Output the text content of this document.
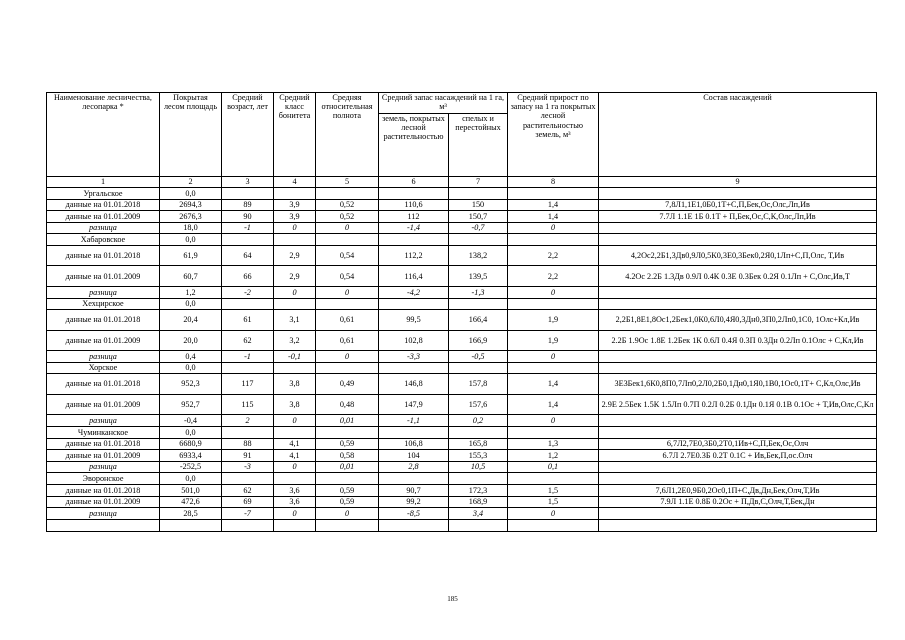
Наименование лесничества, лесопарка *	Покрытая лесом площадь	Средний возраст, лет	Средний класс бонитета	Средняя относительная полнота	Средний запас насаждений на 1 га, м³		Средний прирост по запасу на 1 га покрытых лесной растительностью земель, м³	Состав насаждений
					земель, покрытых лесной растительностью	спелых и перестойных		
1	2	3	4	5	6	7	8	9
Ургальское	0,0							
данные на 01.01.2018	2694,3	89	3,9	0,52	110,6	150	1,4	7,8Л1,1Е1,0Б0,1Т+С,П,Бек,Ос,Олс,Лп,Ив
данные на 01.01.2009	2676,3	90	3,9	0,52	112	150,7	1,4	7.7Л 1.1Е 1Б 0.1Т + П,Бек,Ос,С,К,Олс,Лп,Ив
разница	18,0	-1	0	0	-1,4	-0,7	0	
Хабаровское	0,0							
данные на 01.01.2018	61,9	64	2,9	0,54	112,2	138,2	2,2	4,2Ос2,2Б1,3Дв0,9Л0,5К0,3Е0,3Бек0,2Я0,1Лп+С,П,Олс, Т,Ив
данные на 01.01.2009	60,7	66	2,9	0,54	116,4	139,5	2,2	4.2Ос 2.2Б 1.3Дв 0.9Л 0.4К 0.3Е 0.3Бек 0.2Я 0.1Лп + С,Олс,Ив,Т
разница	1,2	-2	0	0	-4,2	-1,3	0	
Хехцирское	0,0							
данные на 01.01.2018	20,4	61	3,1	0,61	99,5	166,4	1,9	2,2Б1,8Е1,8Ос1,2Бек1,0К0,6Л0,4Я0,3Дн0,3П0,2Лп0,1С0, 1Олс+Кл,Ив
данные на 01.01.2009	20,0	62	3,2	0,61	102,8	166,9	1,9	2.2Б 1.9Ос 1.8Е 1.2Бек 1К 0.6Л 0.4Я 0.3П 0.3Дн 0.2Лп 0.1Олс + С,Кл,Ив
разница	0,4	-1	-0,1	0	-3,3	-0,5	0	
Хорское	0,0							
данные на 01.01.2018	952,3	117	3,8	0,49	146,8	157,8	1,4	3Е3Бек1,6К0,8П0,7Лп0,2Л0,2Б0,1Дн0,1Я0,1В0,1Ос0,1Т+ С,Кл,Олс,Ив
данные на 01.01.2009	952,7	115	3,8	0,48	147,9	157,6	1,4	2.9Е 2.5Бек 1.5К 1.5Лп 0.7П 0.2Л 0.2Б 0.1Дн 0.1Я 0.1В 0.1Ос + Т,Ив,Олс,С,Кл
разница	-0,4	2	0	0,01	-1,1	0,2	0	
Чуминканское	0,0							
данные на 01.01.2018	6680,9	88	4,1	0,59	106,8	165,8	1,3	6,7Л2,7Е0,3Б0,2Т0,1Ив+С,П,Бек,Ос,Олч
данные на 01.01.2009	6933,4	91	4,1	0,58	104	155,3	1,2	6.7Л 2.7Е0.3Б 0.2Т 0.1С + Ив,Бек,П,ос.Олч
разница	-252,5	-3	0	0,01	2,8	10,5	0,1	
Эворонское	0,0							
данные на 01.01.2018	501,0	62	3,6	0,59	90,7	172,3	1,5	7,6Л1,2Е0,9Б0,2Ос0,1П+С,Дв,Дн,Бек,Олч,Т,Ив
данные на 01.01.2009	472,6	69	3,6	0,59	99,2	168,9	1,5	7.9Л 1.1Е 0.8Б 0.2Ос + П,Дв,С,Олч,Т,Бек,Дн
разница	28,5	-7	0	0	-8,5	3,4	0	

185
